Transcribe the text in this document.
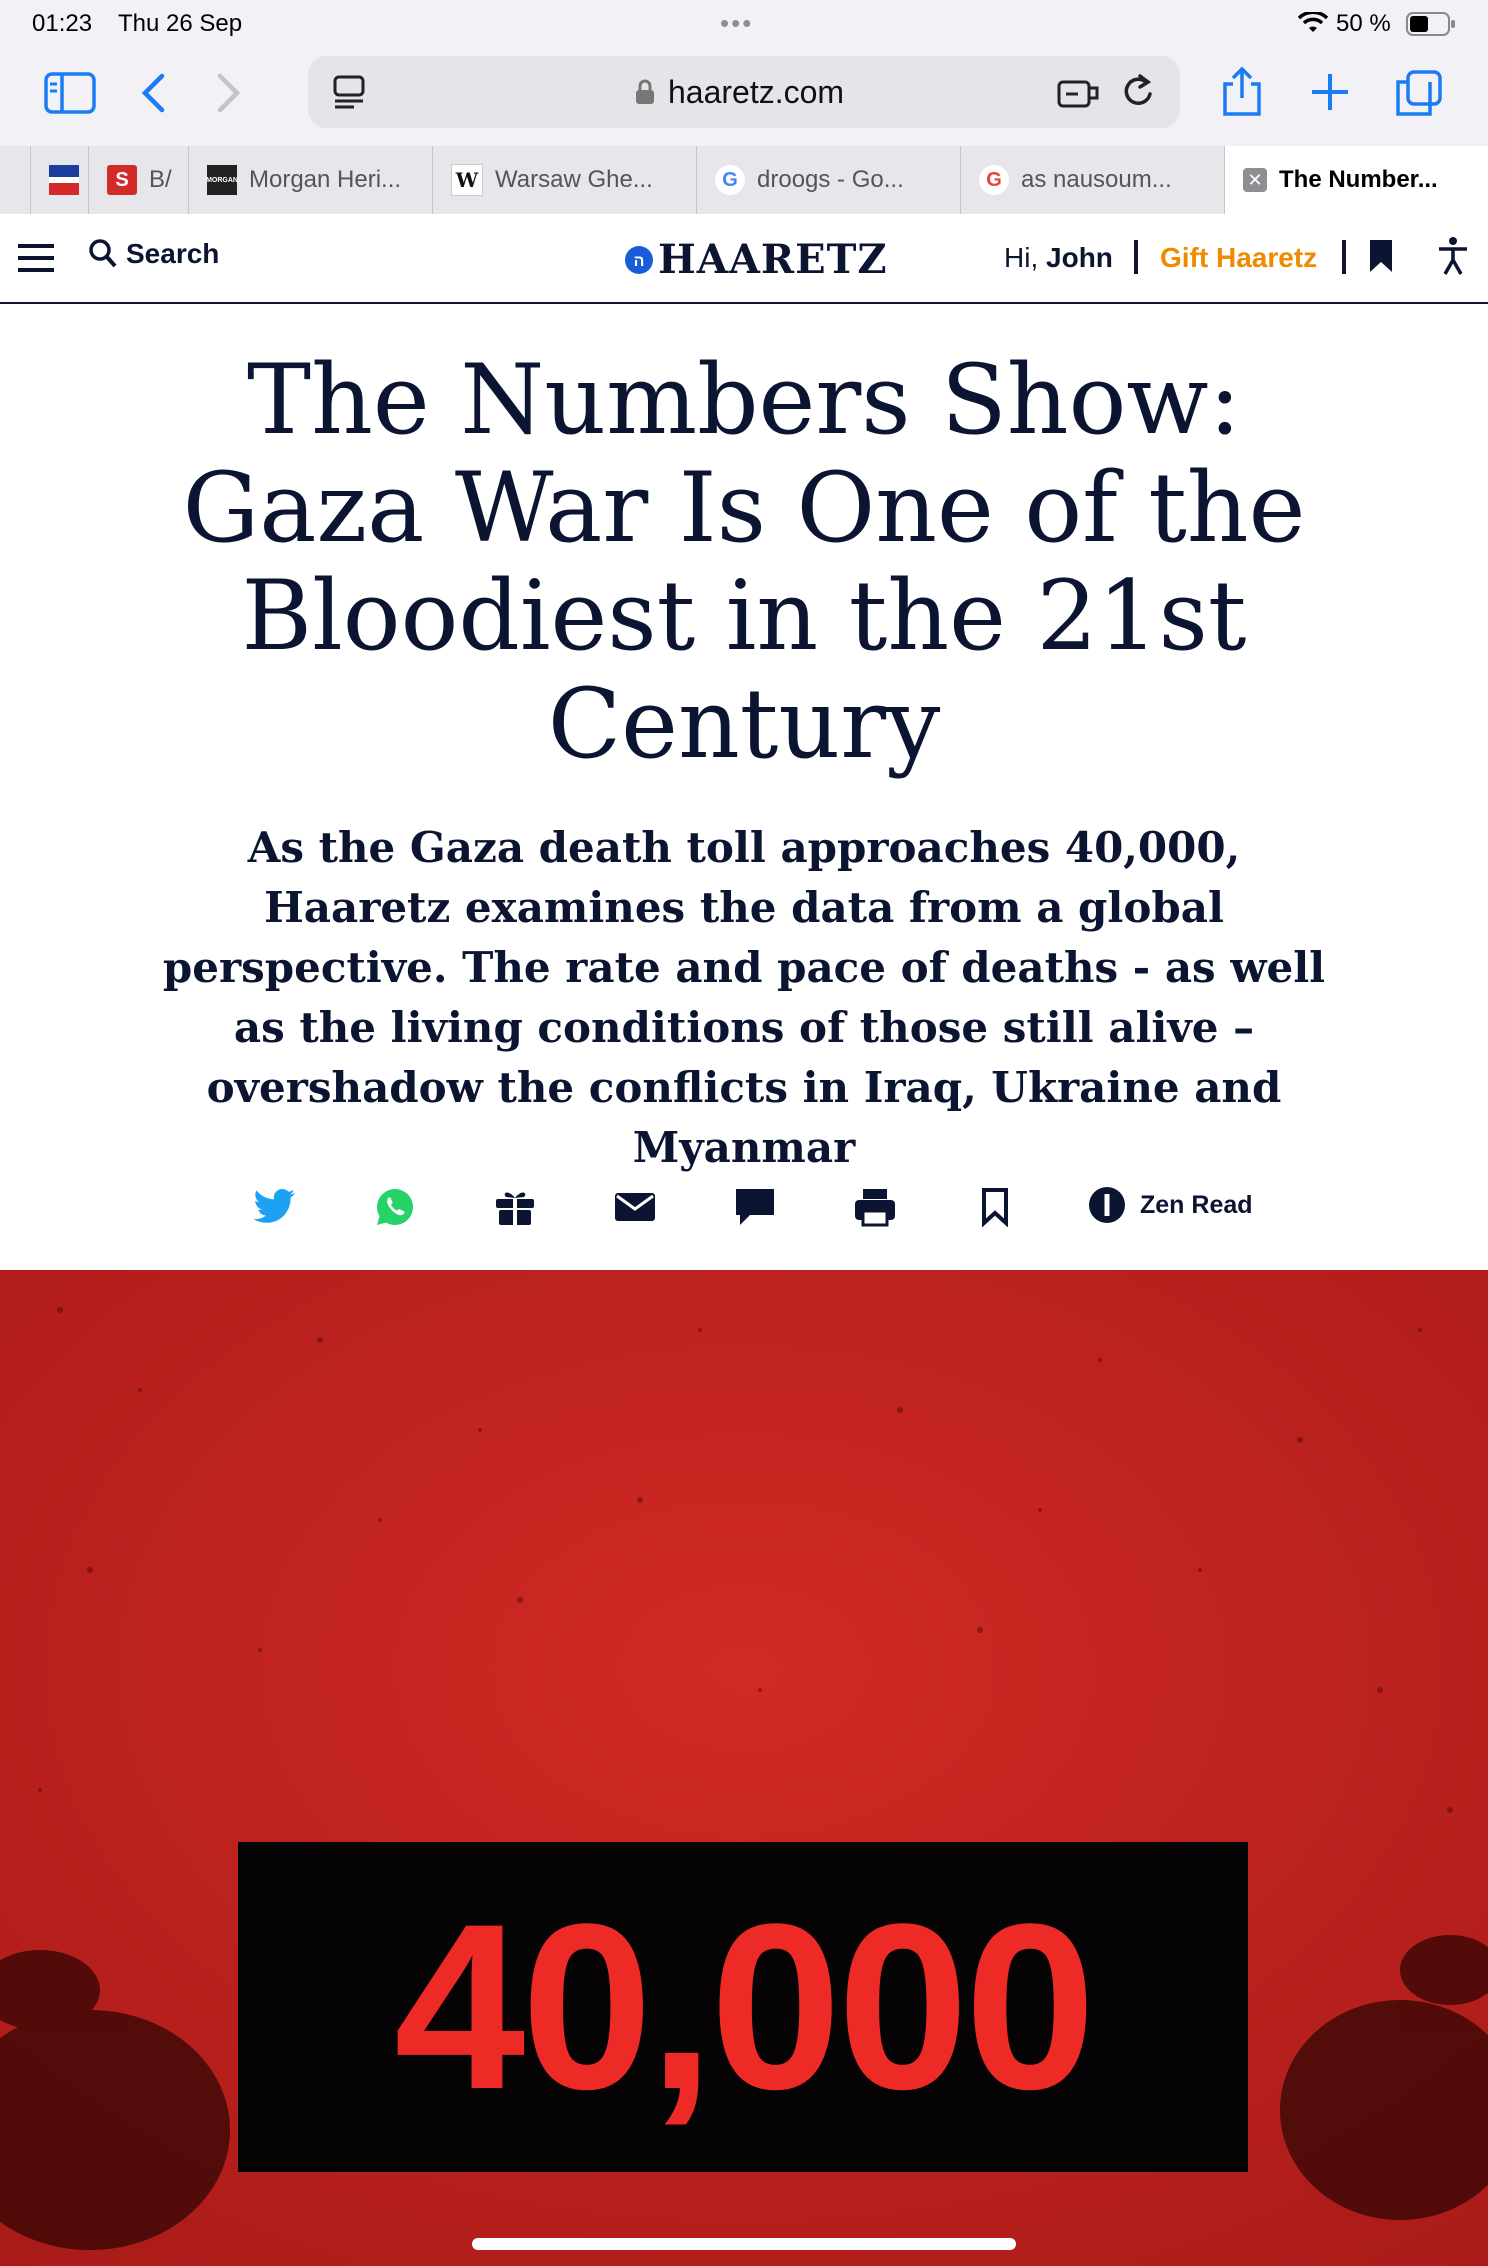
01:23 Thu 26 Sep	•••	50 %
haaretz.com
S B/	MORGAN Morgan Heri...	W Warsaw Ghe...	G droogs - Go...	G as nausoum...	✕ The Number...
Search	ה HAARETZ	Hi, John Gift Haaretz
The Numbers Show: Gaza War Is One of the Bloodiest in the 21st Century

As the Gaza death toll approaches 40,000, Haaretz examines the data from a global perspective. The rate and pace of deaths - as well as the living conditions of those still alive – overshadow the conflicts in Iraq, Ukraine and Myanmar

Zen Read
40,000
